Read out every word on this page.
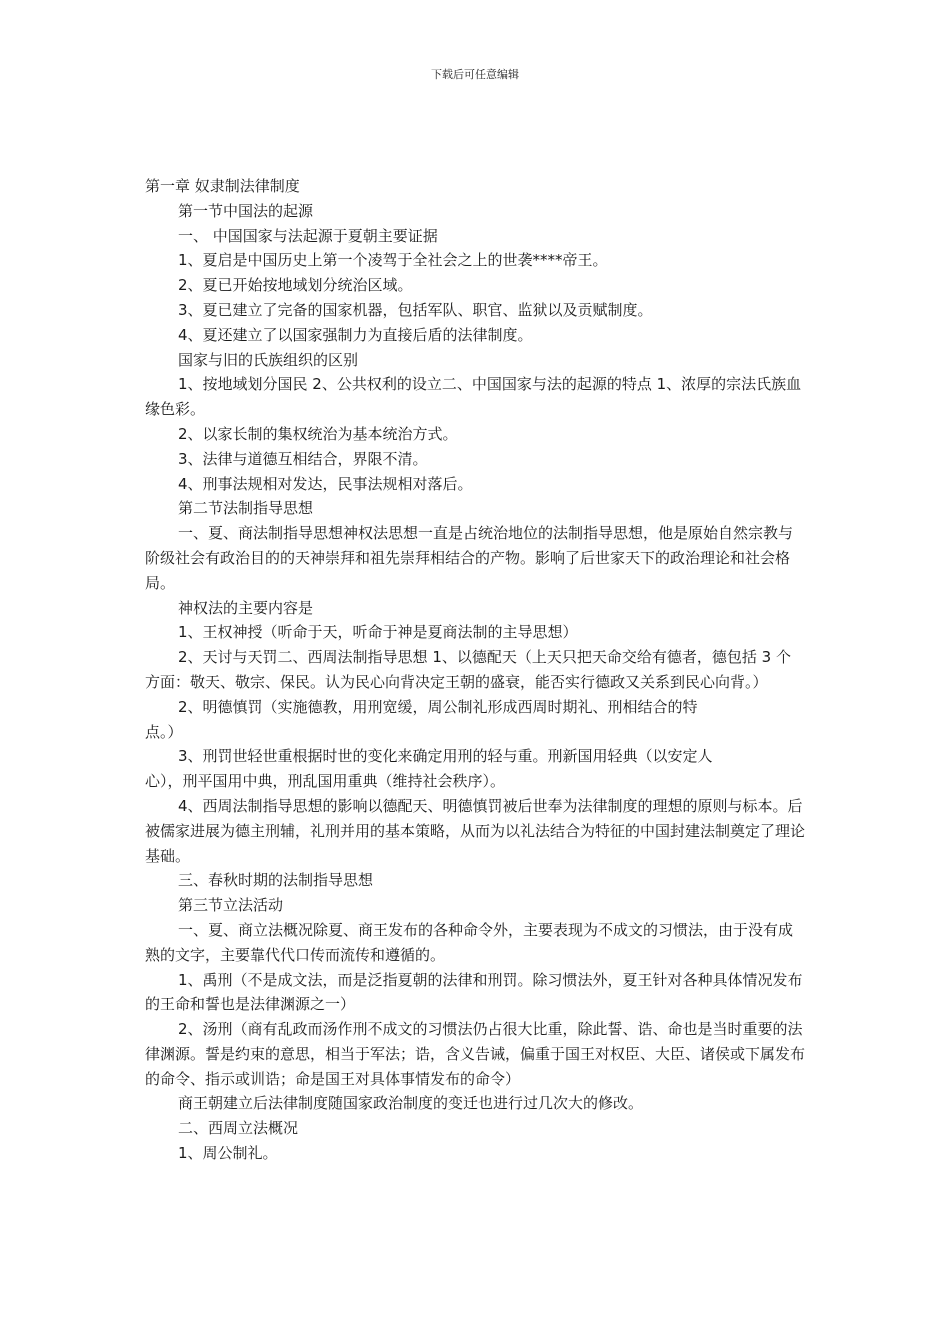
下载后可任意编辑
第一章 奴隶制法律制度
第一节中国法的起源
一、 中国国家与法起源于夏朝主要证据
1、夏启是中国历史上第一个凌驾于全社会之上的世袭****帝王。
2、夏已开始按地域划分统治区域。
3、夏已建立了完备的国家机器，包括军队、职官、监狱以及贡赋制度。
4、夏还建立了以国家强制力为直接后盾的法律制度。
国家与旧的氏族组织的区别
1、按地域划分国民 2、公共权利的设立二、中国国家与法的起源的特点 1、浓厚的宗法氏族血缘色彩。
2、以家长制的集权统治为基本统治方式。
3、法律与道德互相结合，界限不清。
4、刑事法规相对发达，民事法规相对落后。
第二节法制指导思想
一、夏、商法制指导思想神权法思想一直是占统治地位的法制指导思想，他是原始自然宗教与阶级社会有政治目的的天神崇拜和祖先崇拜相结合的产物。影响了后世家天下的政治理论和社会格局。
神权法的主要内容是
1、王权神授（听命于天，听命于神是夏商法制的主导思想）
2、天讨与天罚二、西周法制指导思想 1、以德配天（上天只把天命交给有德者，德包括 3 个方面：敬天、敬宗、保民。认为民心向背决定王朝的盛衰，能否实行德政又关系到民心向背。）
2、明德慎罚（实施德教，用刑宽缓，周公制礼形成西周时期礼、刑相结合的特
点。）
3、刑罚世轻世重根据时世的变化来确定用刑的轻与重。刑新国用轻典（以安定人
心），刑平国用中典，刑乱国用重典（维持社会秩序）。
4、西周法制指导思想的影响以德配天、明德慎罚被后世奉为法律制度的理想的原则与标本。后被儒家进展为德主刑辅，礼刑并用的基本策略，从而为以礼法结合为特征的中国封建法制奠定了理论基础。
三、春秋时期的法制指导思想
第三节立法活动
一、夏、商立法概况除夏、商王发布的各种命令外，主要表现为不成文的习惯法，由于没有成熟的文字，主要靠代代口传而流传和遵循的。
1、禹刑（不是成文法，而是泛指夏朝的法律和刑罚。除习惯法外，夏王针对各种具体情况发布的王命和誓也是法律渊源之一）
2、汤刑（商有乱政而汤作刑不成文的习惯法仍占很大比重，除此誓、诰、命也是当时重要的法律渊源。誓是约束的意思，相当于军法；诰，含义告诫，偏重于国王对权臣、大臣、诸侯或下属发布的命令、指示或训诰；命是国王对具体事情发布的命令）
商王朝建立后法律制度随国家政治制度的变迁也进行过几次大的修改。
二、西周立法概况
1、周公制礼。
